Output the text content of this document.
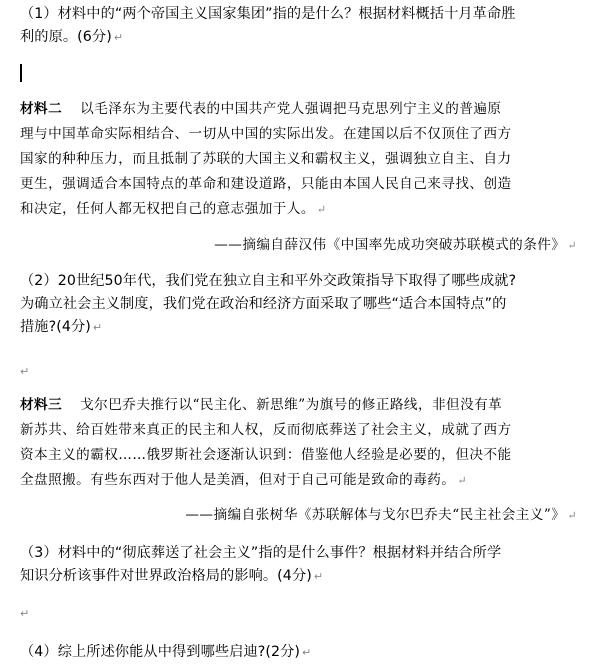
（1）材料中的“两个帝国主义国家集团”指的是什么？根据材料概括十月革命胜
利的原。(6分) ↵
材料二 以毛泽东为主要代表的中国共产党人强调把马克思列宁主义的普遍原
理与中国革命实际相结合、一切从中国的实际出发。在建国以后不仅顶住了西方
国家的种种压力，而且抵制了苏联的大国主义和霸权主义，强调独立自主、自力
更生，强调适合本国特点的革命和建设道路，只能由本国人民自己来寻找、创造
和决定，任何人都无权把自己的意志强加于人。 ↵
——摘编自薛汉伟《中国率先成功突破苏联模式的条件》 ↵
（2）20世纪50年代，我们党在独立自主和平外交政策指导下取得了哪些成就?
为确立社会主义制度，我们党在政治和经济方面采取了哪些“适合本国特点”的
措施?(4分) ↵
↵
材料三 戈尔巴乔夫推行以“民主化、新思维”为旗号的修正路线，非但没有革
新苏共、给百姓带来真正的民主和人权，反而彻底葬送了社会主义，成就了西方
资本主义的霸权……俄罗斯社会逐渐认识到：借鉴他人经验是必要的，但决不能
全盘照搬。有些东西对于他人是美酒，但对于自己可能是致命的毒药。 ↵
——摘编自张树华《苏联解体与戈尔巴乔夫“民主社会主义”》 ↵
（3）材料中的“彻底葬送了社会主义”指的是什么事件？根据材料并结合所学
知识分析该事件对世界政治格局的影响。(4分) ↵
↵
（4）综上所述你能从中得到哪些启迪?(2分) ↵
